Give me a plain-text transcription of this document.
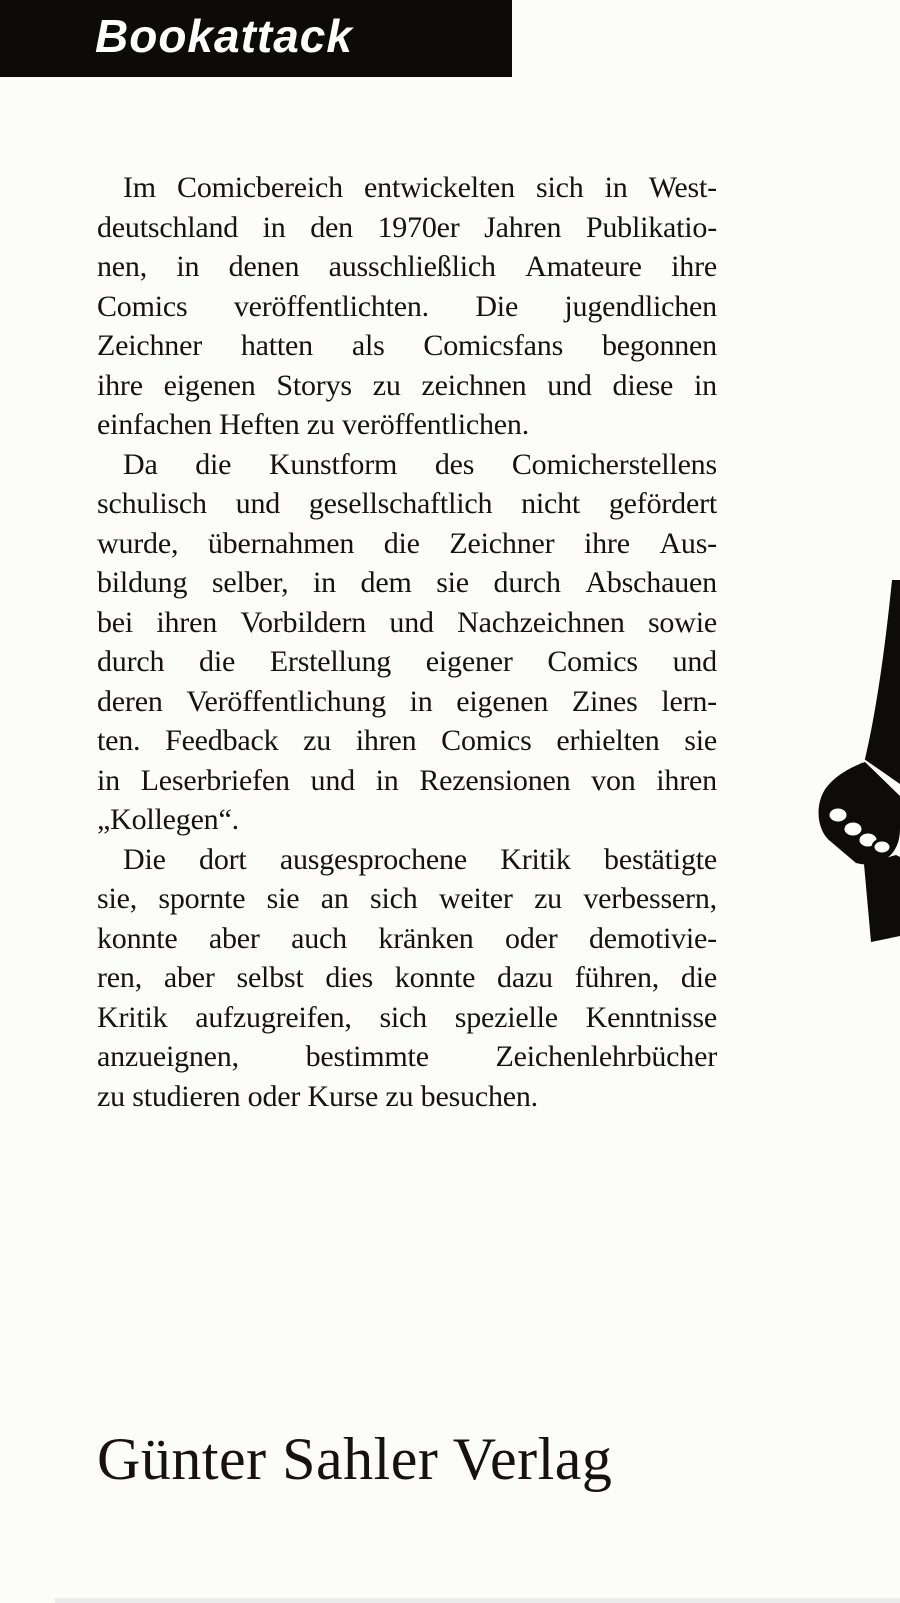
Bookattack
Im Comicbereich entwickelten sich in West-
deutschland in den 1970er Jahren Publikatio-
nen, in denen ausschließlich Amateure ihre
Comics veröffentlichten. Die jugendlichen
Zeichner hatten als Comicsfans begonnen
ihre eigenen Storys zu zeichnen und diese in
einfachen Heften zu veröffentlichen.
Da die Kunstform des Comicherstellens
schulisch und gesellschaftlich nicht gefördert
wurde, übernahmen die Zeichner ihre Aus-
bildung selber, in dem sie durch Abschauen
bei ihren Vorbildern und Nachzeichnen sowie
durch die Erstellung eigener Comics und
deren Veröffentlichung in eigenen Zines lern-
ten. Feedback zu ihren Comics erhielten sie
in Leserbriefen und in Rezensionen von ihren
„Kollegen“.
Die dort ausgesprochene Kritik bestätigte
sie, spornte sie an sich weiter zu verbessern,
konnte aber auch kränken oder demotivie-
ren, aber selbst dies konnte dazu führen, die
Kritik aufzugreifen, sich spezielle Kenntnisse
anzueignen, bestimmte Zeichenlehrbücher
zu studieren oder Kurse zu besuchen.
Günter Sahler Verlag
